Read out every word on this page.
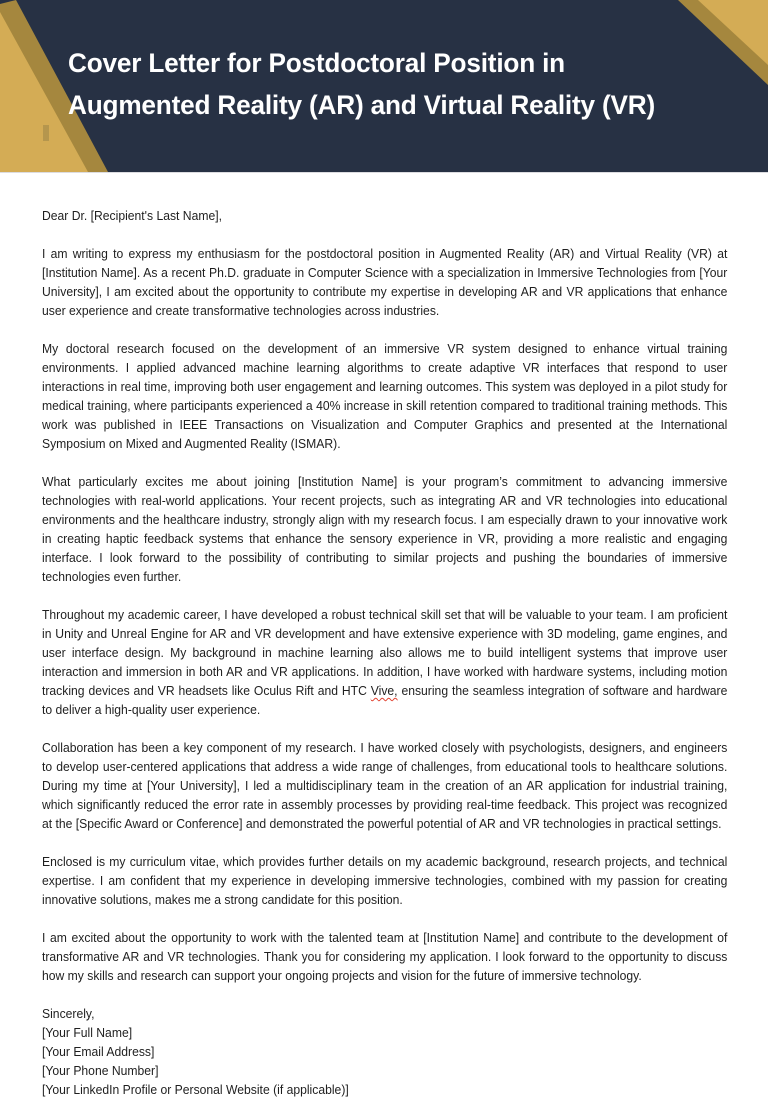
Cover Letter for Postdoctoral Position in
Augmented Reality (AR) and Virtual Reality (VR)

Dear Dr. [Recipient's Last Name],

I am writing to express my enthusiasm for the postdoctoral position in Augmented Reality (AR) and Virtual Reality (VR) at [Institution Name]. As a recent Ph.D. graduate in Computer Science with a specialization in Immersive Technologies from [Your University], I am excited about the opportunity to contribute my expertise in developing AR and VR applications that enhance user experience and create transformative technologies across industries.

My doctoral research focused on the development of an immersive VR system designed to enhance virtual training environments. I applied advanced machine learning algorithms to create adaptive VR interfaces that respond to user interactions in real time, improving both user engagement and learning outcomes. This system was deployed in a pilot study for medical training, where participants experienced a 40% increase in skill retention compared to traditional training methods. This work was published in IEEE Transactions on Visualization and Computer Graphics and presented at the International Symposium on Mixed and Augmented Reality (ISMAR).

What particularly excites me about joining [Institution Name] is your program’s commitment to advancing immersive technologies with real-world applications. Your recent projects, such as integrating AR and VR technologies into educational environments and the healthcare industry, strongly align with my research focus. I am especially drawn to your innovative work in creating haptic feedback systems that enhance the sensory experience in VR, providing a more realistic and engaging interface. I look forward to the possibility of contributing to similar projects and pushing the boundaries of immersive technologies even further.

Throughout my academic career, I have developed a robust technical skill set that will be valuable to your team. I am proficient in Unity and Unreal Engine for AR and VR development and have extensive experience with 3D modeling, game engines, and user interface design. My background in machine learning also allows me to build intelligent systems that improve user interaction and immersion in both AR and VR applications. In addition, I have worked with hardware systems, including motion tracking devices and VR headsets like Oculus Rift and HTC Vive, ensuring the seamless integration of software and hardware to deliver a high-quality user experience.

Collaboration has been a key component of my research. I have worked closely with psychologists, designers, and engineers to develop user-centered applications that address a wide range of challenges, from educational tools to healthcare solutions. During my time at [Your University], I led a multidisciplinary team in the creation of an AR application for industrial training, which significantly reduced the error rate in assembly processes by providing real-time feedback. This project was recognized at the [Specific Award or Conference] and demonstrated the powerful potential of AR and VR technologies in practical settings.

Enclosed is my curriculum vitae, which provides further details on my academic background, research projects, and technical expertise. I am confident that my experience in developing immersive technologies, combined with my passion for creating innovative solutions, makes me a strong candidate for this position.

I am excited about the opportunity to work with the talented team at [Institution Name] and contribute to the development of transformative AR and VR technologies. Thank you for considering my application. I look forward to the opportunity to discuss how my skills and research can support your ongoing projects and vision for the future of immersive technology.

Sincerely,
[Your Full Name]
[Your Email Address]
[Your Phone Number]
[Your LinkedIn Profile or Personal Website (if applicable)]
